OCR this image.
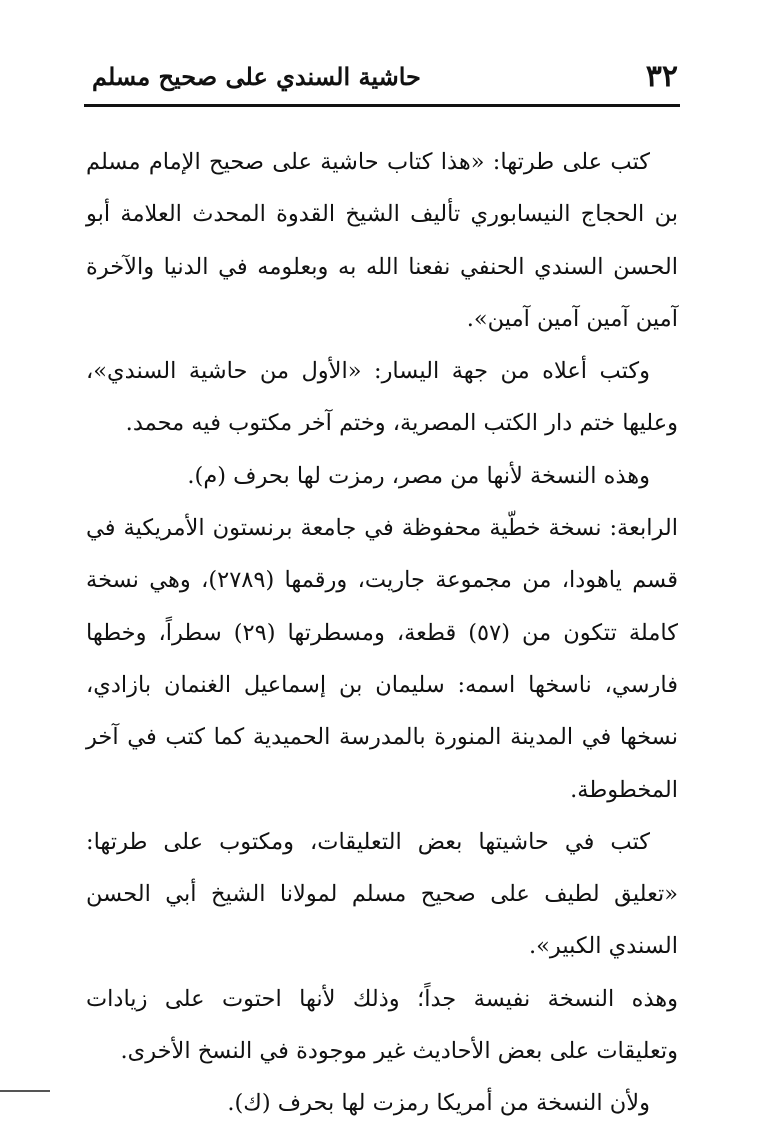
٣٢
حاشية السندي على صحيح مسلم

كتب على طرتها: «هذا كتاب حاشية على صحيح الإمام مسلم بن الحجاج النيسابوري تأليف الشيخ القدوة المحدث العلامة أبو الحسن السندي الحنفي نفعنا الله به وبعلومه في الدنيا والآخرة آمين آمين آمين آمين».

وكتب أعلاه من جهة اليسار: «الأول من حاشية السندي»، وعليها ختم دار الكتب المصرية، وختم آخر مكتوب فيه محمد.

وهذه النسخة لأنها من مصر، رمزت لها بحرف (م).

الرابعة: نسخة خطّية محفوظة في جامعة برنستون الأمريكية في قسم ياهودا، من مجموعة جاريت، ورقمها (٢٧٨٩)، وهي نسخة كاملة تتكون من (٥٧) قطعة، ومسطرتها (٢٩) سطراً، وخطها فارسي، ناسخها اسمه: سليمان بن إسماعيل الغنمان بازادي، نسخها في المدينة المنورة بالمدرسة الحميدية كما كتب في آخر المخطوطة.

كتب في حاشيتها بعض التعليقات، ومكتوب على طرتها: «تعليق لطيف على صحيح مسلم لمولانا الشيخ أبي الحسن السندي الكبير».

وهذه النسخة نفيسة جداً؛ وذلك لأنها احتوت على زيادات وتعليقات على بعض الأحاديث غير موجودة في النسخ الأخرى.

ولأن النسخة من أمريكا رمزت لها بحرف (ك).
